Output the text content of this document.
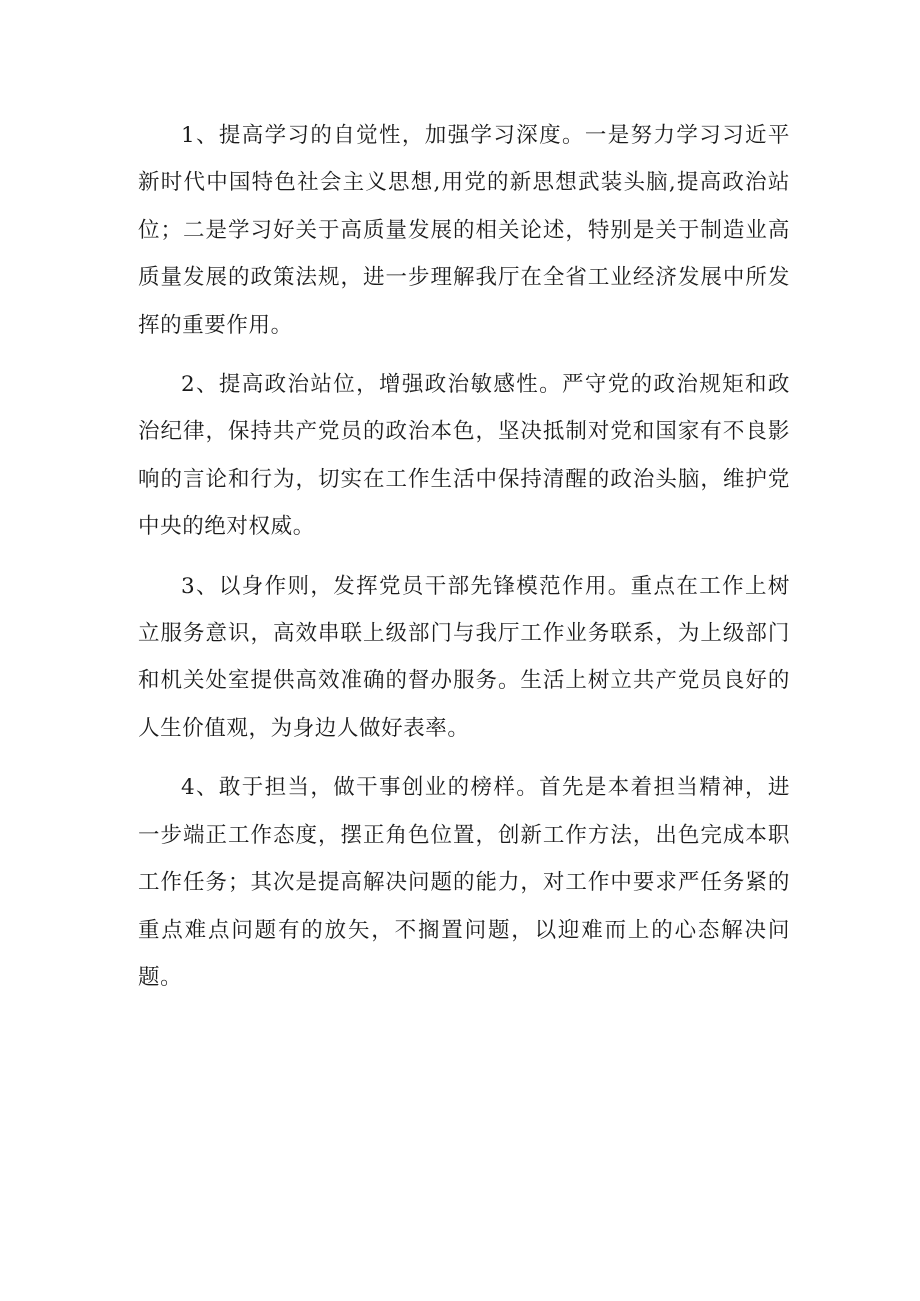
1、提高学习的自觉性，加强学习深度。一是努力学习习近平新时代中国特色社会主义思想,用党的新思想武装头脑,提高政治站位；二是学习好关于高质量发展的相关论述，特别是关于制造业高质量发展的政策法规，进一步理解我厅在全省工业经济发展中所发挥的重要作用。

2、提高政治站位，增强政治敏感性。严守党的政治规矩和政治纪律，保持共产党员的政治本色，坚决抵制对党和国家有不良影响的言论和行为，切实在工作生活中保持清醒的政治头脑，维护党中央的绝对权威。

3、以身作则，发挥党员干部先锋模范作用。重点在工作上树立服务意识，高效串联上级部门与我厅工作业务联系，为上级部门和机关处室提供高效准确的督办服务。生活上树立共产党员良好的人生价值观，为身边人做好表率。

4、敢于担当，做干事创业的榜样。首先是本着担当精神，进一步端正工作态度，摆正角色位置，创新工作方法，出色完成本职工作任务；其次是提高解决问题的能力，对工作中要求严任务紧的重点难点问题有的放矢，不搁置问题，以迎难而上的心态解决问题。
